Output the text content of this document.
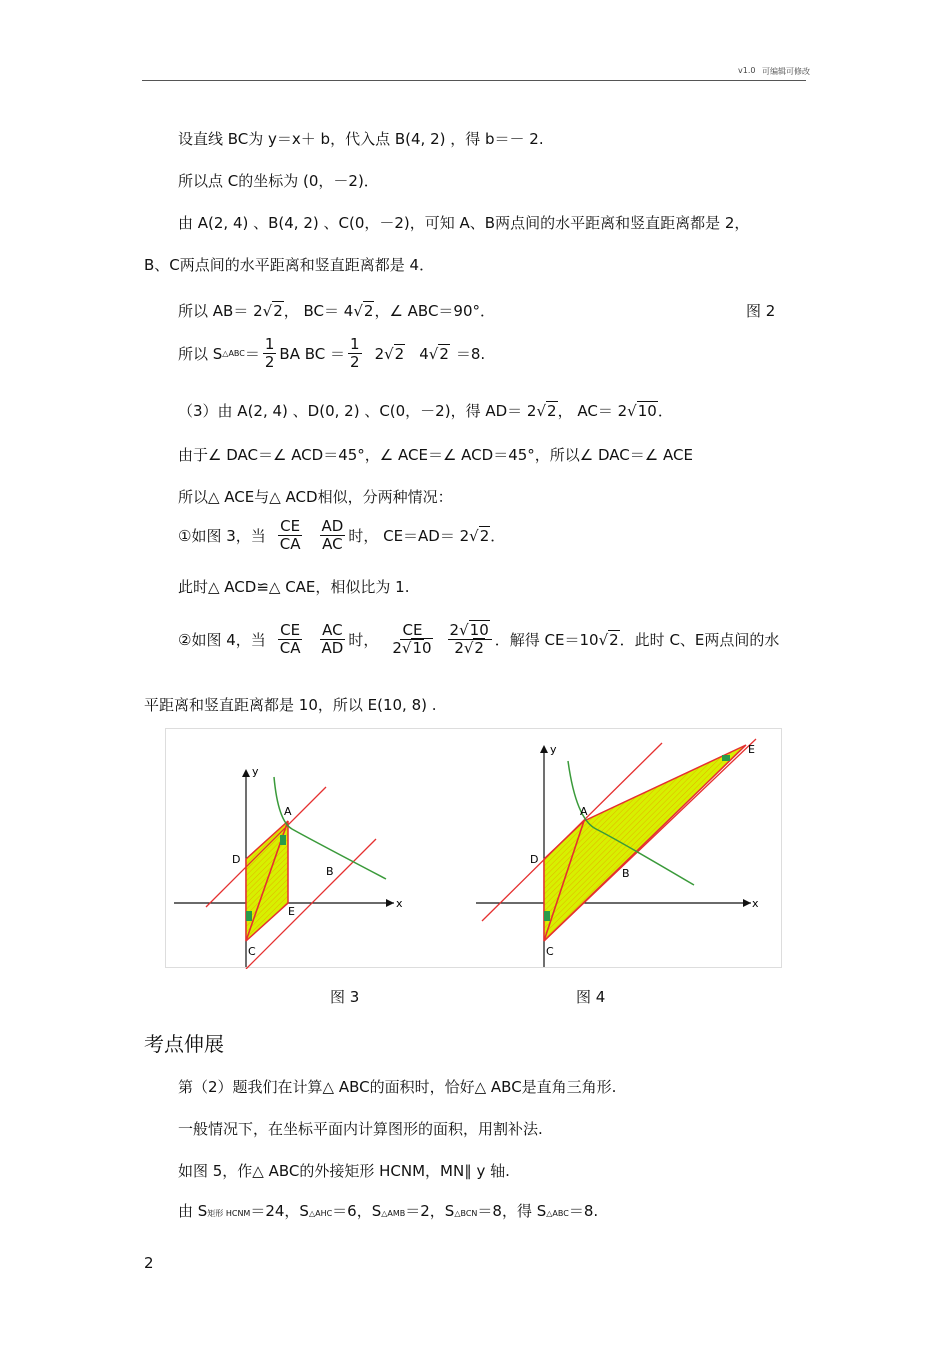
v1.0 可编辑可修改
设直线 BC为 y＝x＋ b，代入点 B(4, 2) ，得 b＝－ 2.
所以点 C的坐标为 (0，－2)．
由 A(2, 4) 、B(4, 2) 、C(0，－2)，可知 A、B两点间的水平距离和竖直距离都是 2，
B、C两点间的水平距离和竖直距离都是 4．
所以 AB＝ 2√2， BC＝ 4√2，∠ ABC＝90°．	图 2
所以 S △ABC ＝ $\frac{1}{2}$ BA BC ＝ $\frac{1}{2} 2$ √2 4 √2 ＝8.
（3）由 A(2, 4) 、D(0, 2) 、C(0，－2)，得 AD＝ 2√2， AC＝ 2√10．
由于∠ DAC＝∠ ACD＝45°，∠ ACE＝∠ ACD＝45°，所以∠ DAC＝∠ ACE
所以△ ACE与△ ACD相似，分两种情况：
①如图 3，当 $\frac{CE}{CA} \frac{AD}{AC}$ 时， CE＝AD＝ 2 √2 ．
此时△ ACD≌△ CAE，相似比为 1.
②如图 4，当 $\frac{CE}{CA} \frac{AC}{AD}$ 时， $\frac{CE}{2√10} \frac{2√10}{2√2}$ ．解得 CE＝10 √2 ．此时 C、E两点间的水
平距离和竖直距离都是 10，所以 E(10, 8) .
y
x
A
B
C
D
E
y
x
A
B
C
D
E
图 3	图 4
考点伸展
第（2）题我们在计算△ ABC的面积时，恰好△ ABC是直角三角形.
一般情况下，在坐标平面内计算图形的面积，用割补法.
如图 5，作△ ABC的外接矩形 HCNM，MN∥ y 轴.
由 S矩形 HCNM＝24，S△AHC＝6，S△AMB＝2，S△BCN＝8，得 S△ABC＝8.
2
